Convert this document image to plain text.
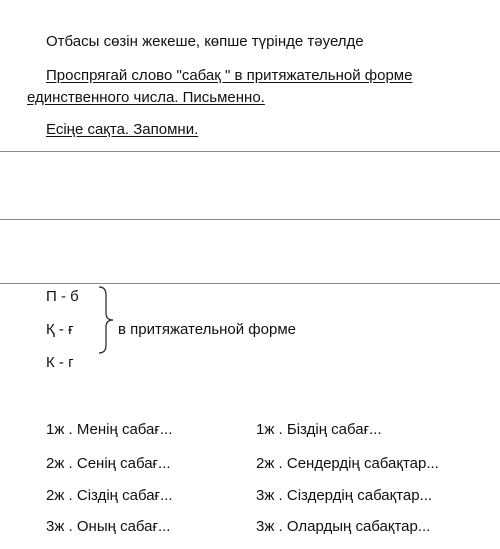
Отбасы сөзін жекеше, көпше түрінде тәуелде
Проспрягай слово "сабақ " в притяжательной форме
единственного числа. Письменно.
Есіңе сақта. Запомни.
П - б
Қ - ғ
К - г
в притяжательной форме
1ж . Менің сабағ...
2ж . Сенің сабағ...
2ж . Сіздің сабағ...
3ж . Оның сабағ...
1ж . Біздің сабағ...
2ж . Сендердің сабақтар...
3ж . Сіздердің сабақтар...
3ж . Олардың сабақтар...
